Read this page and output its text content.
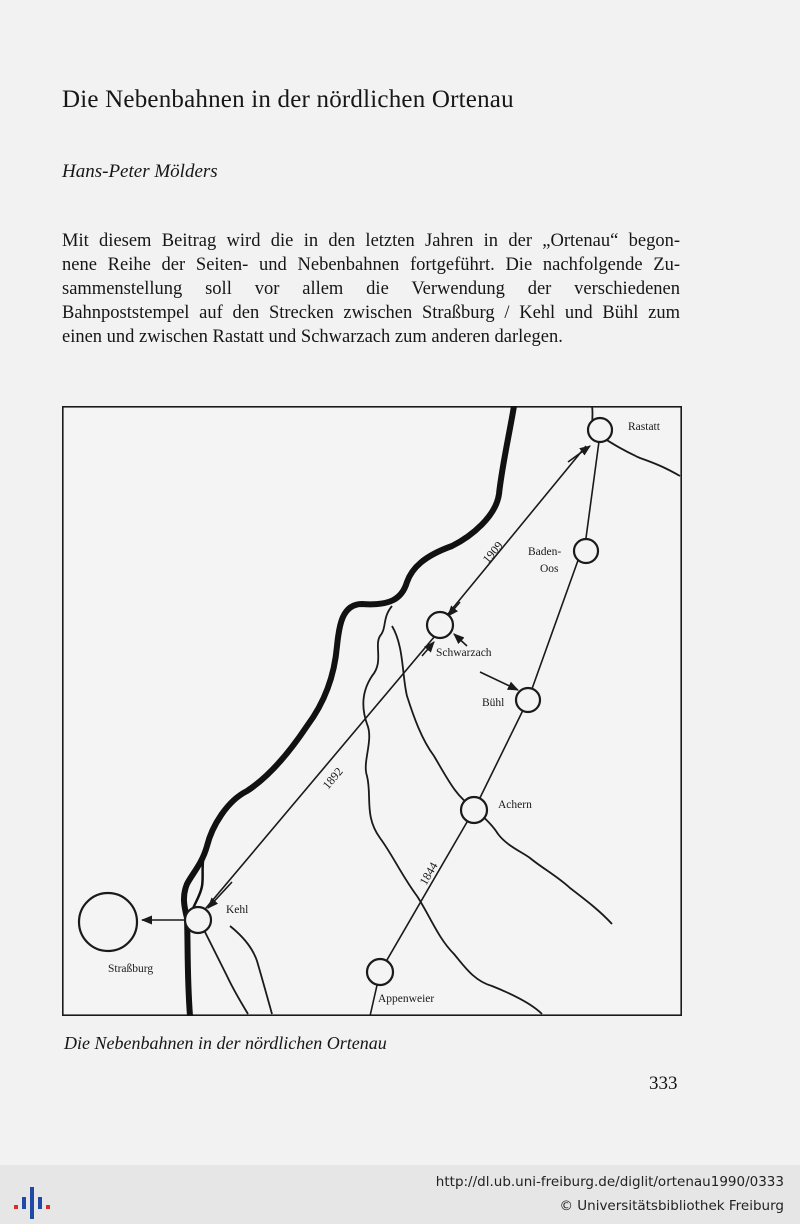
Die Nebenbahnen in der nördlichen Ortenau
Hans-Peter Mölders
Mit diesem Beitrag wird die in den letzten Jahren in der „Ortenau“ begon-
nene Reihe der Seiten- und Nebenbahnen fortgeführt. Die nachfolgende Zu-
sammenstellung soll vor allem die Verwendung der verschiedenen
Bahnpoststempel auf den Strecken zwischen Straßburg / Kehl und Bühl zum
einen und zwischen Rastatt und Schwarzach zum anderen darlegen.
Rastatt
Baden-
Oos
Schwarzach
Bühl
Achern
Kehl
Straßburg
Appenweier
1909
1892
1844
Die Nebenbahnen in der nördlichen Ortenau
333
http://dl.ub.uni-freiburg.de/diglit/ortenau1990/0333
© Universitätsbibliothek Freiburg
